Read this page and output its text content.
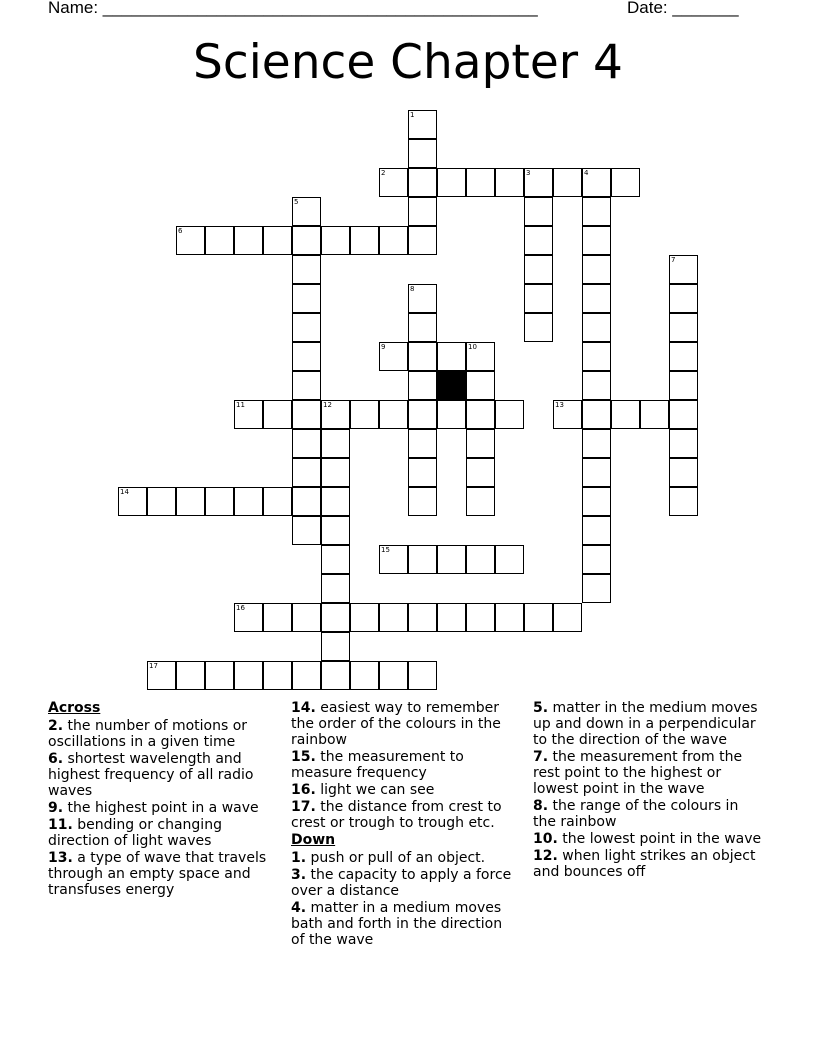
Name: ______________________________________________	Date: _______
Science Chapter 4
1
2	3	4
5
6
7
8
9	10
11	12	13
14
15
16
17
Across
2. the number of motions or oscillations in a given time
6. shortest wavelength and highest frequency of all radio waves
9. the highest point in a wave
11. bending or changing direction of light waves
13. a type of wave that travels through an empty space and transfuses energy
14. easiest way to remember the order of the colours in the rainbow
15. the measurement to measure frequency
16. light we can see
17. the distance from crest to crest or trough to trough etc.
Down
1. push or pull of an object.
3. the capacity to apply a force over a distance
4. matter in a medium moves bath and forth in the direction of the wave
5. matter in the medium moves up and down in a perpendicular to the direction of the wave
7. the measurement from the rest point to the highest or lowest point in the wave
8. the range of the colours in the rainbow
10. the lowest point in the wave
12. when light strikes an object and bounces off
